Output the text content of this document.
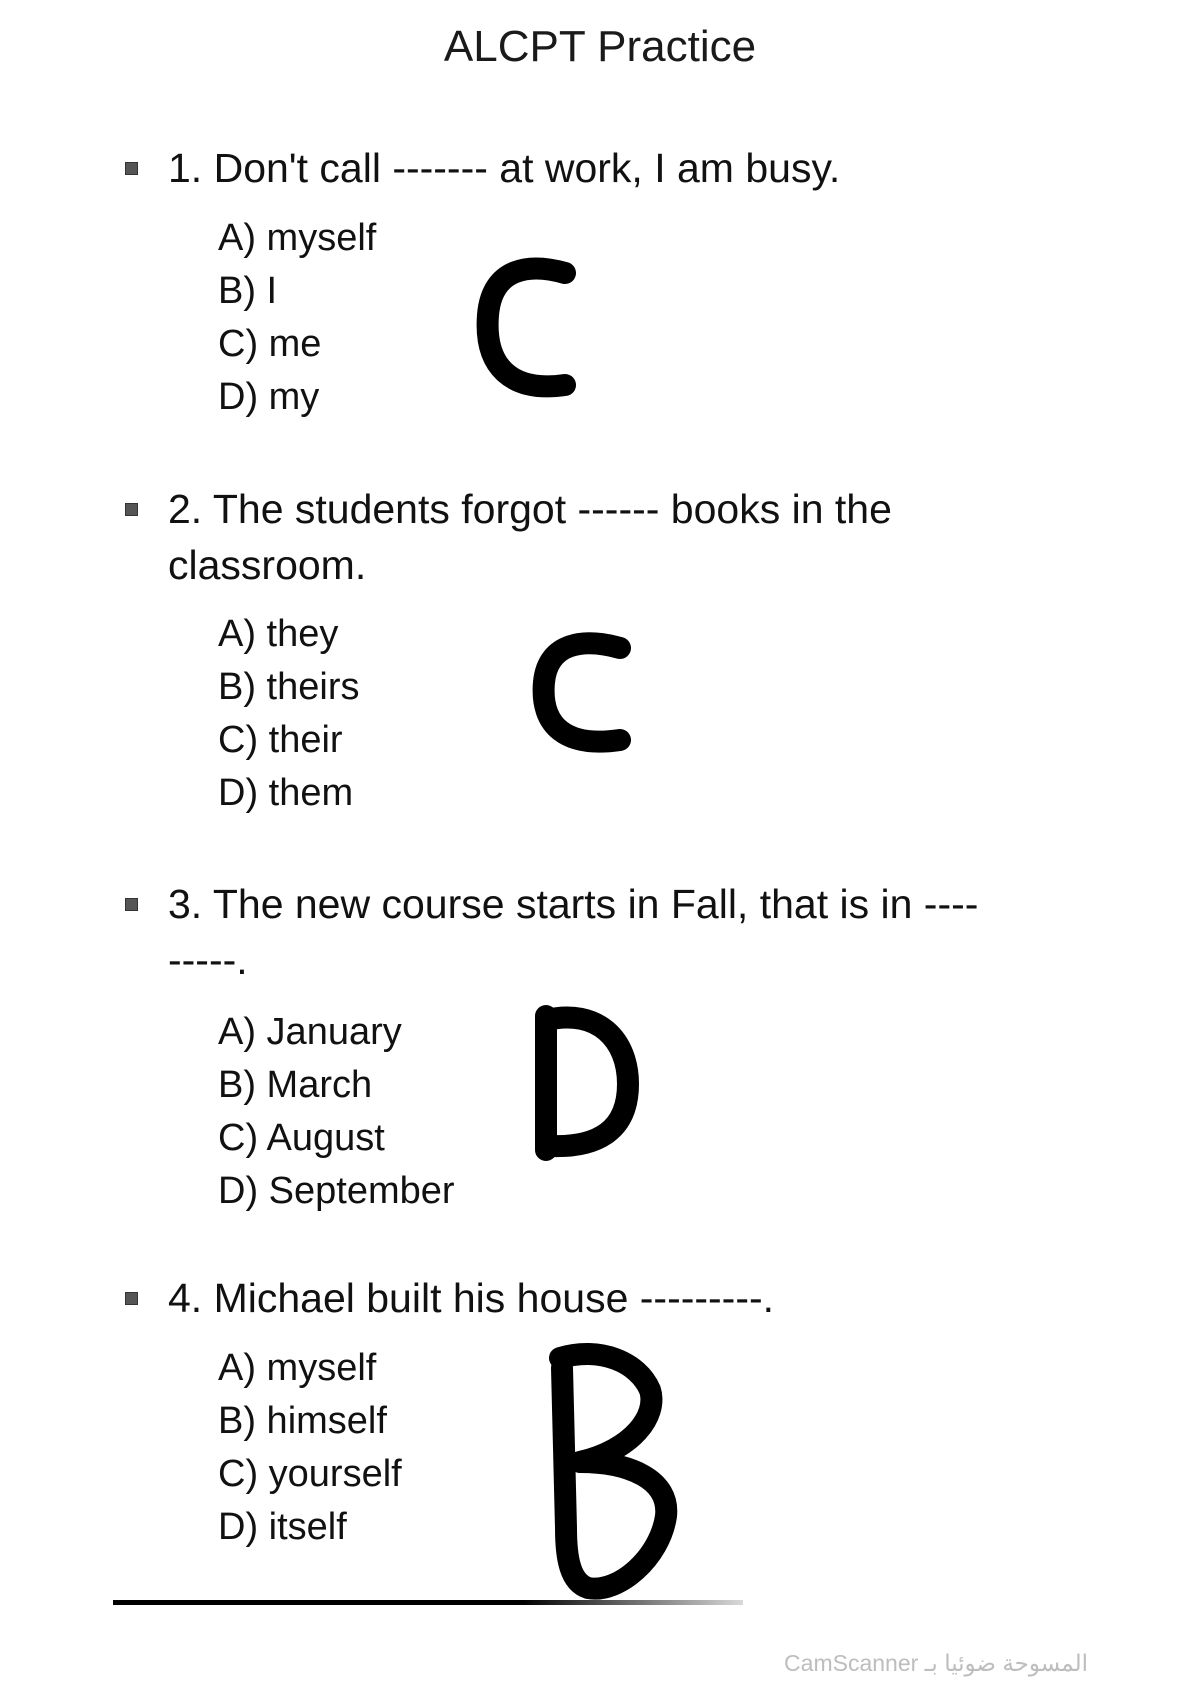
ALCPT Practice
1. Don't call ------- at work, I am busy.
A) myself
B) I
C) me
D) my
2. The students forgot ------ books in the
classroom.
A) they
B) theirs
C) their
D) them
3. The new course starts in Fall, that is in ----
-----.
A) January
B) March
C) August
D) September
4. Michael built his house ---------.
A) myself
B) himself
C) yourself
D) itself
CamScanner المسوحة ضوئيا بـ
